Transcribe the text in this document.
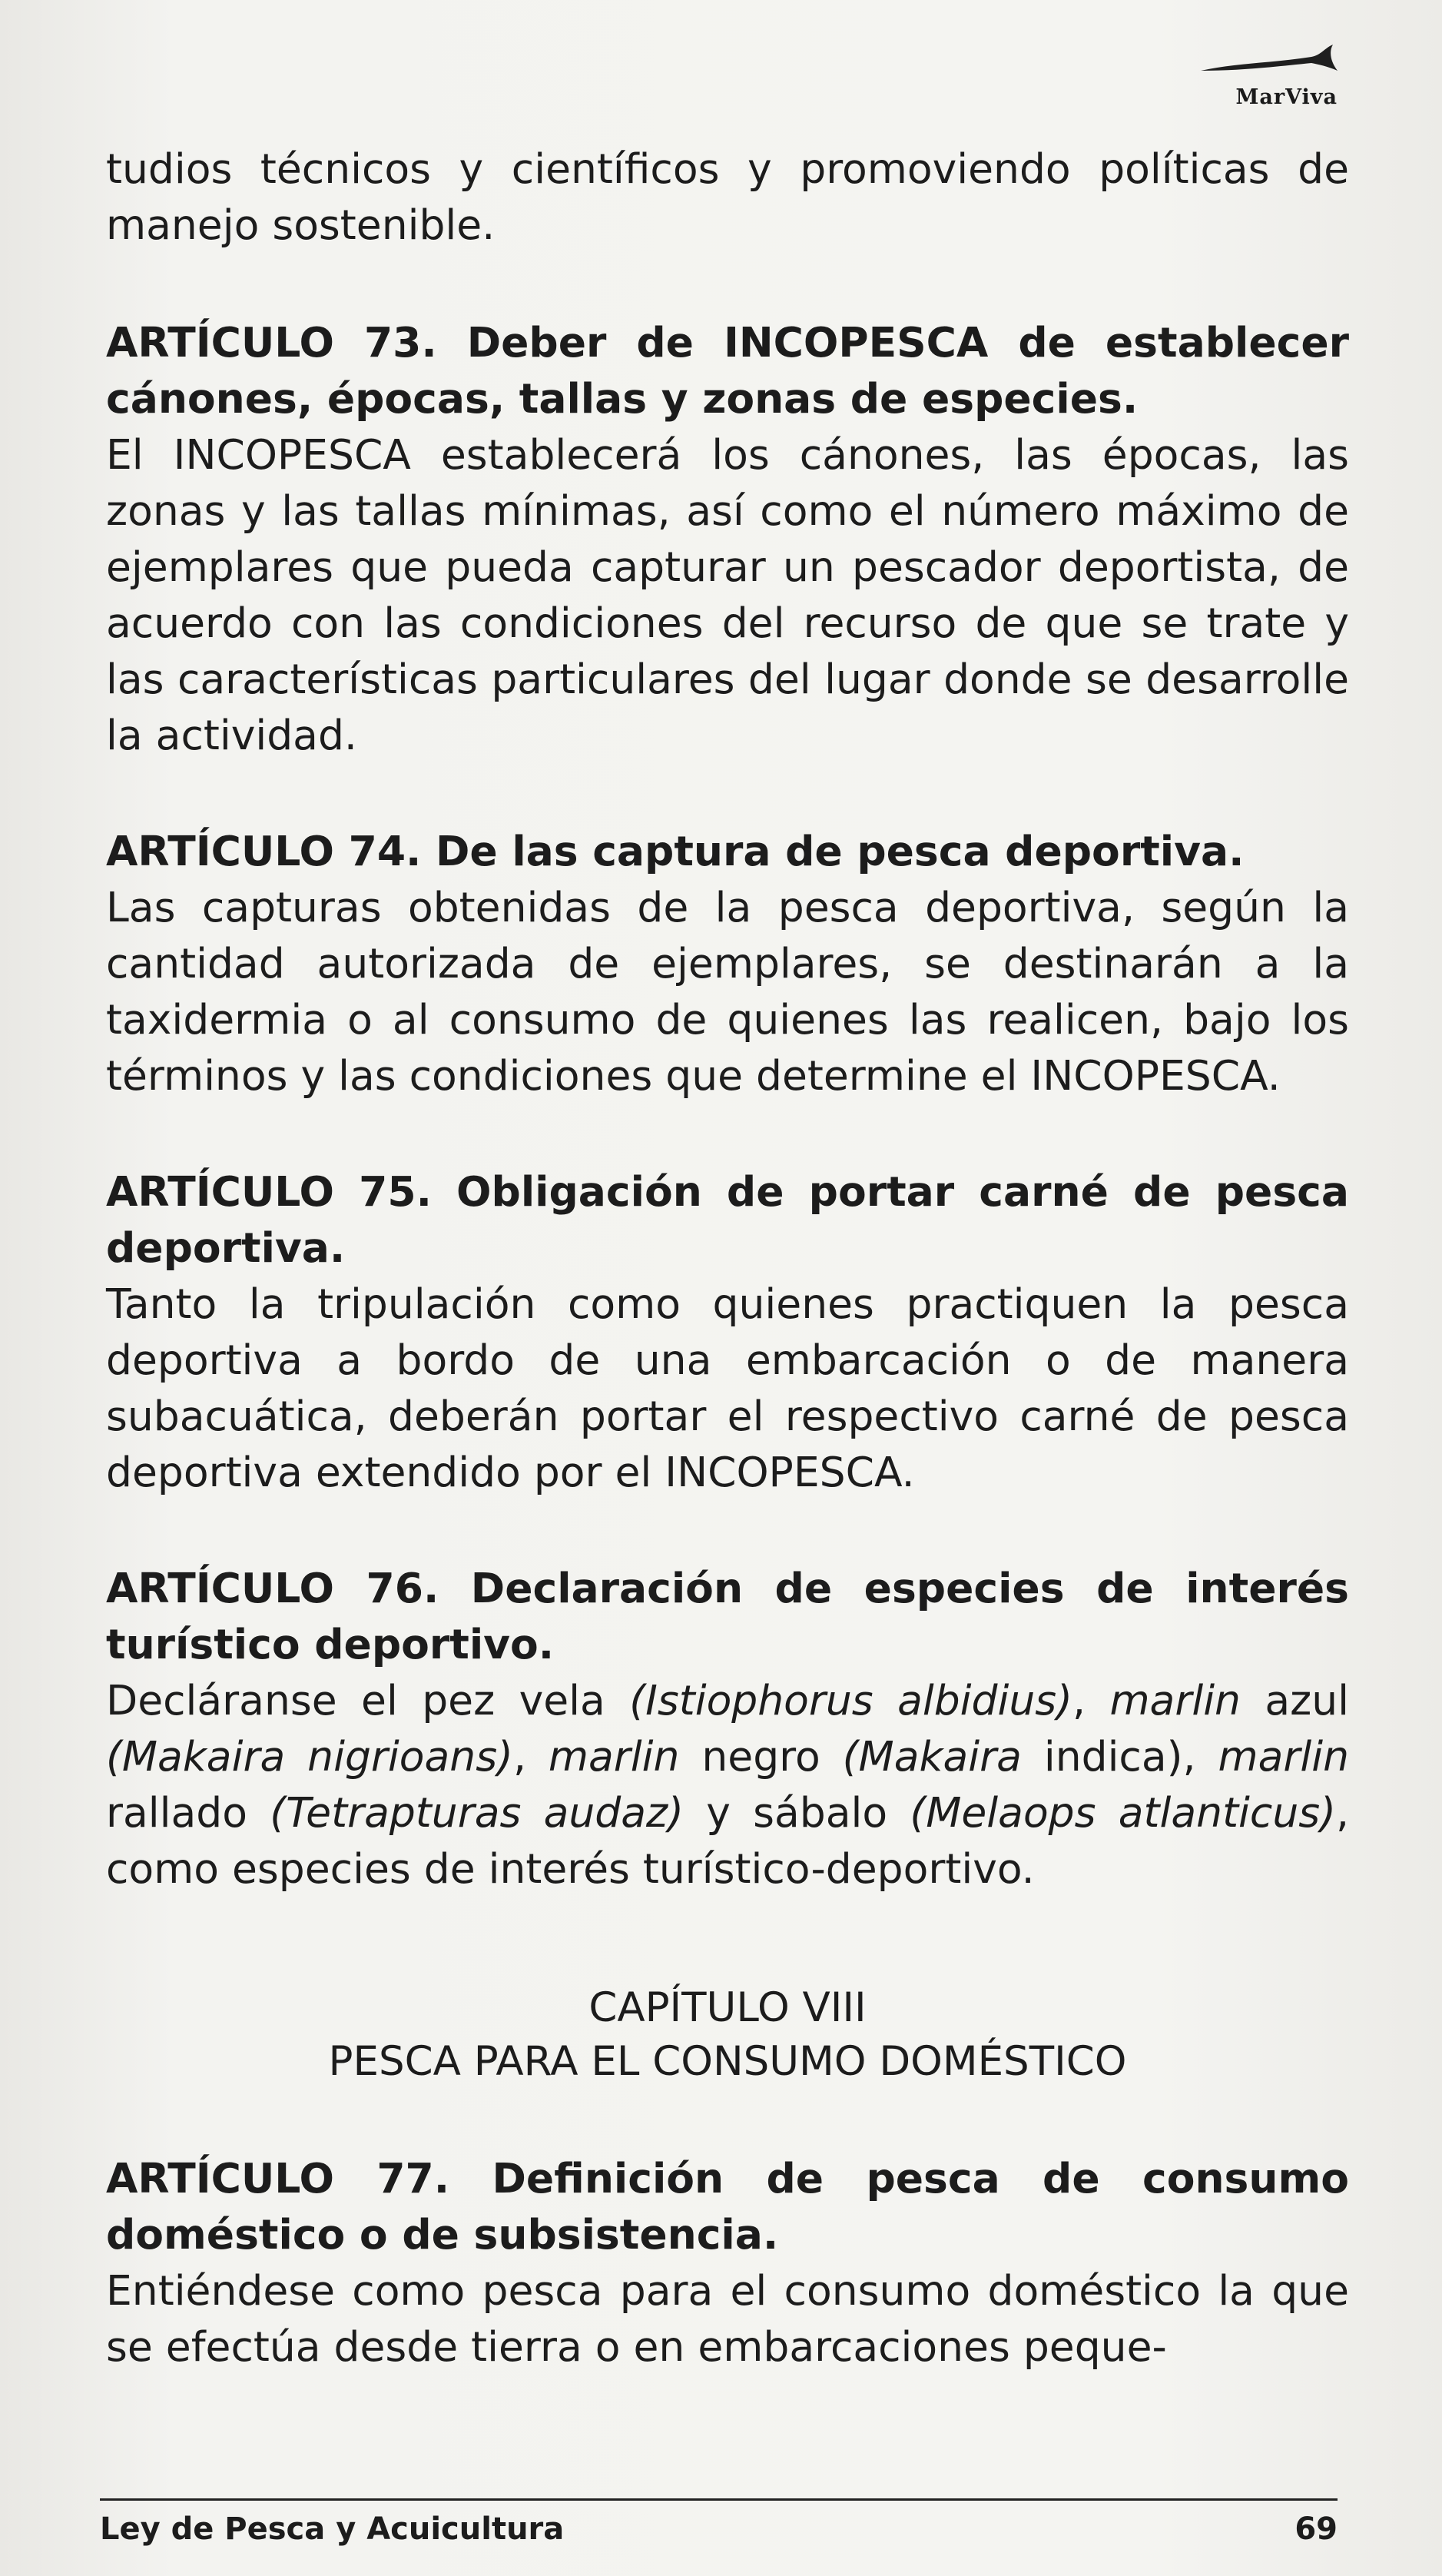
MarViva

tudios técnicos y científicos y promoviendo políticas de manejo sostenible.

ARTÍCULO 73. Deber de INCOPESCA de establecer cánones, épocas, tallas y zonas de especies.

El INCOPESCA establecerá los cánones, las épocas, las zonas y las tallas mínimas, así como el número máximo de ejemplares que pueda capturar un pescador deportista, de acuerdo con las condiciones del recurso de que se trate y las características particulares del lugar donde se desarrolle la actividad.

ARTÍCULO 74. De las captura de pesca deportiva.

Las capturas obtenidas de la pesca deportiva, según la cantidad autorizada de ejemplares, se destinarán a la taxidermia o al consumo de quienes las realicen, bajo los términos y las condiciones que determine el INCOPESCA.

ARTÍCULO 75. Obligación de portar carné de pesca deportiva.

Tanto la tripulación como quienes practiquen la pesca deportiva a bordo de una embarcación o de manera subacuática, deberán portar el respectivo carné de pesca deportiva extendido por el INCOPESCA.

ARTÍCULO 76. Declaración de especies de interés turístico deportivo.

Decláranse el pez vela (Istiophorus albidius), marlin azul (Makaira nigrioans), marlin negro (Makaira indica), marlin rallado (Tetrapturas audaz) y sábalo (Melaops atlanticus), como especies de interés turístico-deportivo.

CAPÍTULO VIII
PESCA PARA EL CONSUMO DOMÉSTICO

ARTÍCULO 77. Definición de pesca de consumo doméstico o de subsistencia.

Entiéndese como pesca para el consumo doméstico la que se efectúa desde tierra o en embarcaciones peque-

Ley de Pesca y Acuicultura	69
